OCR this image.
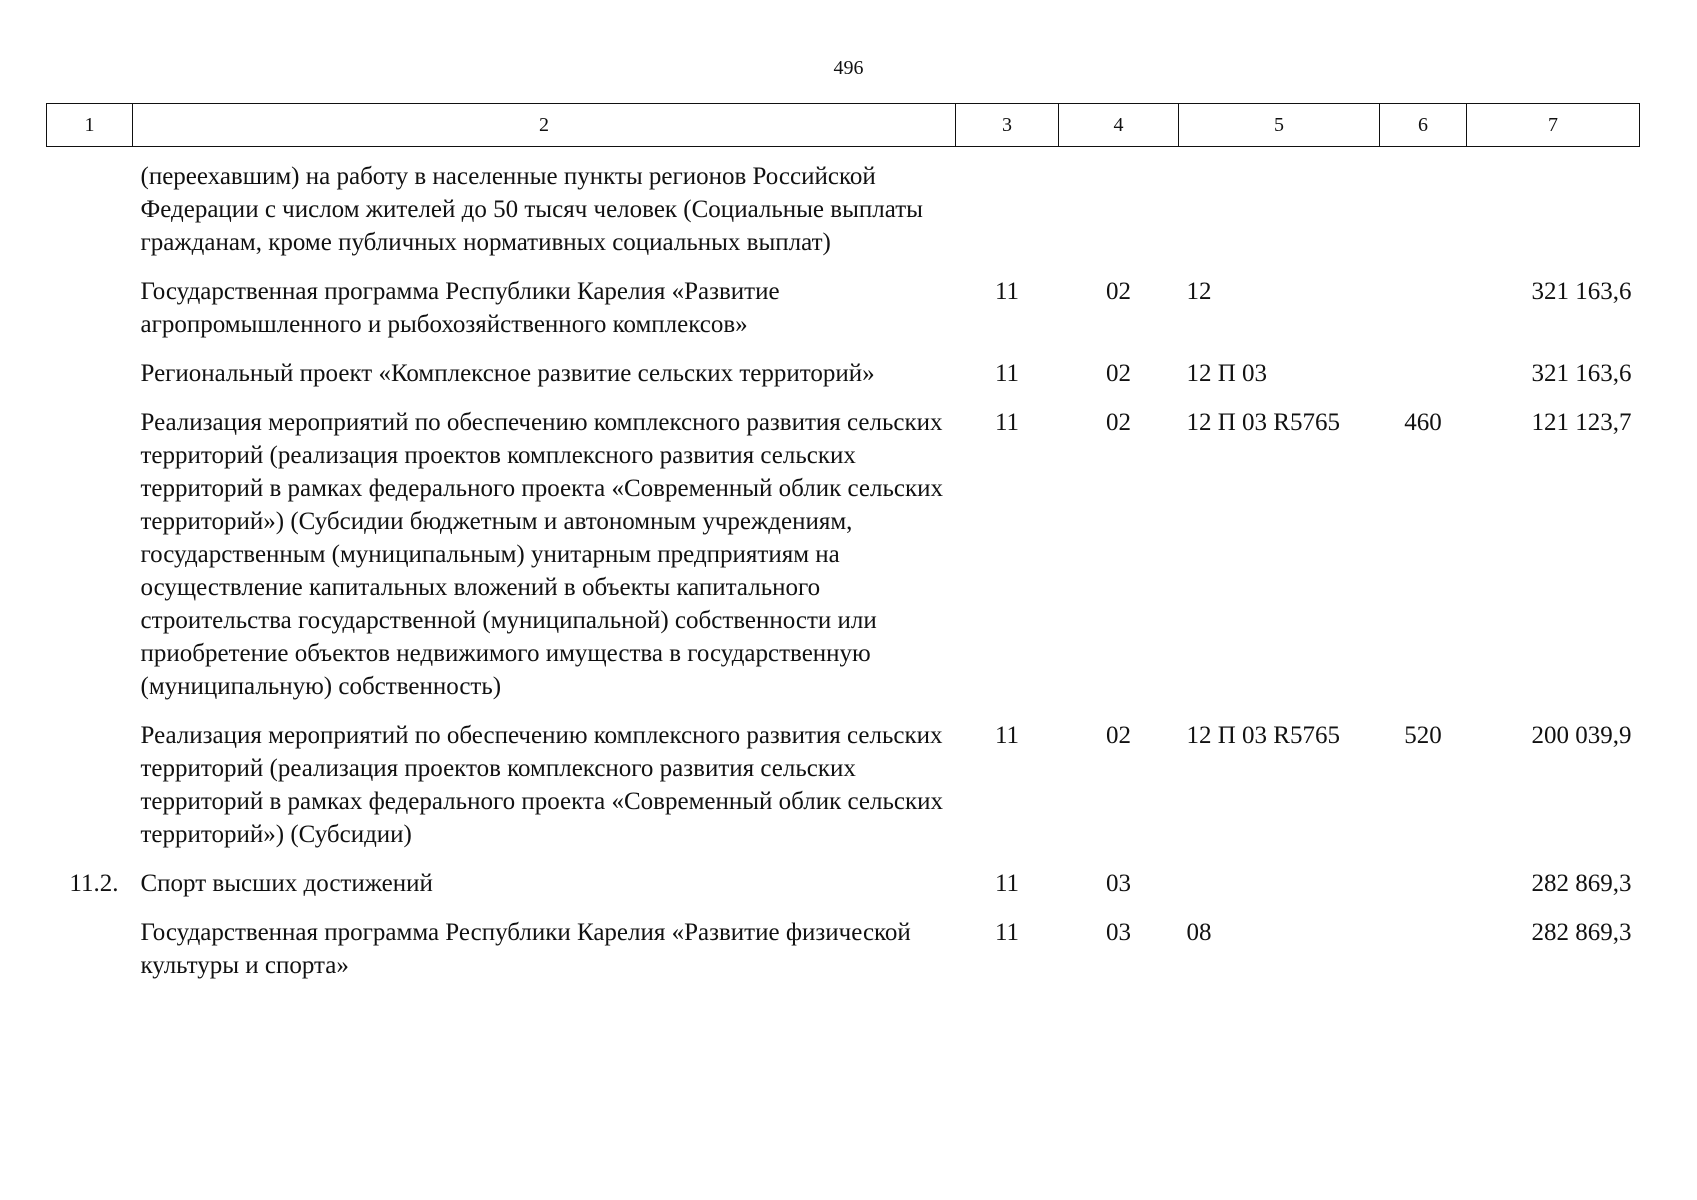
496
1	2	3	4	5	6	7
	(переехавшим) на работу в населенные пункты регионов Российской Федерации с числом жителей до 50 тысяч человек (Социальные выплаты гражданам, кроме публичных нормативных социальных выплат)					
	Государственная программа Республики Карелия «Развитие агропромышленного и рыбохозяйственного комплексов»	11	02	12		321 163,6
	Региональный проект «Комплексное развитие сельских территорий»	11	02	12 П 03		321 163,6
	Реализация мероприятий по обеспечению комплексного развития сельских территорий (реализация проектов комплексного развития сельских территорий в рамках федерального проекта «Современный облик сельских территорий») (Субсидии бюджетным и автономным учреждениям, государственным (муниципальным) унитарным предприятиям на осуществление капитальных вложений в объекты капитального строительства государственной (муниципальной) собственности или приобретение объектов недвижимого имущества в государственную (муниципальную) собственность)	11	02	12 П 03 R5765	460	121 123,7
	Реализация мероприятий по обеспечению комплексного развития сельских территорий (реализация проектов комплексного развития сельских территорий в рамках федерального проекта «Современный облик сельских территорий») (Субсидии)	11	02	12 П 03 R5765	520	200 039,9
11.2.	Спорт высших достижений	11	03			282 869,3
	Государственная программа Республики Карелия «Развитие физической культуры и спорта»	11	03	08		282 869,3
